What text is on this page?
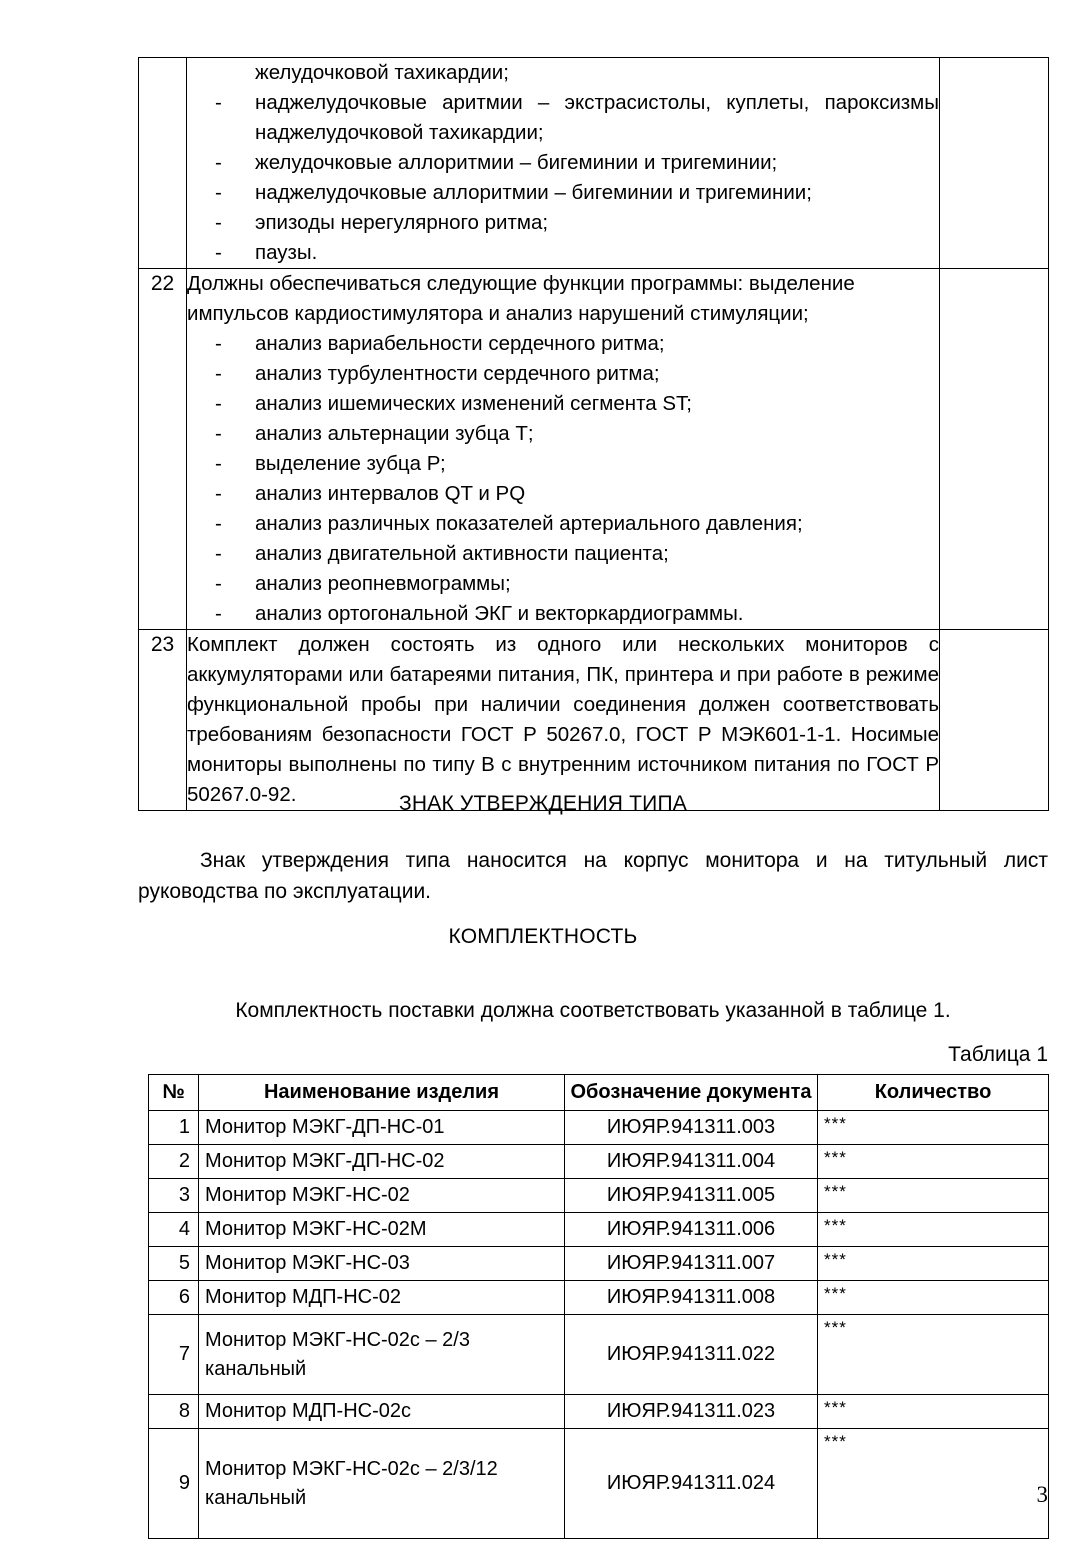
желудочковой тахикардии;
- наджелудочковые аритмии – экстрасистолы, куплеты, пароксизмы наджелудочковой тахикардии;
- желудочковые аллоритмии – бигеминии и тригеминии;
- наджелудочковые аллоритмии – бигеминии и тригеминии;
- эпизоды нерегулярного ритма;
- паузы.

22	Должны обеспечиваться следующие функции программы: выделение импульсов кардиостимулятора и анализ нарушений стимуляции;

- анализ вариабельности сердечного ритма;
- анализ турбулентности сердечного ритма;
- анализ ишемических изменений сегмента ST;
- анализ альтернации зубца Т;
- выделение зубца Р;
- анализ интервалов QT и PQ
- анализ различных показателей артериального давления;
- анализ двигательной активности пациента;
- анализ реопневмограммы;
- анализ ортогональной ЭКГ и векторкардиограммы.

23	Комплект должен состоять из одного или нескольких мониторов с аккумуляторами или батареями питания, ПК, принтера и при работе в режиме функциональной пробы при наличии соединения должен соответствовать требованиям безопасности ГОСТ Р 50267.0, ГОСТ Р МЭК601-1-1. Носимые мониторы выполнены по типу В с внутренним источником питания по ГОСТ Р 50267.0-92.	

		ЗНАК УТВЕРЖДЕНИЯ ТИПА
Знак утверждения типа наносится на корпус монитора и на титульный лист руководства по эксплуатации.
КОМПЛЕКТНОСТЬ
Комплектность поставки должна соответствовать указанной в таблице 1.
Таблица 1
№	Наименование изделия	Обозначение документа	Количество
1	Монитор МЭКГ-ДП-НС-01	ИЮЯР.941311.003	***
2	Монитор МЭКГ-ДП-НС-02	ИЮЯР.941311.004	***
3	Монитор МЭКГ-НС-02	ИЮЯР.941311.005	***
4	Монитор МЭКГ-НС-02М	ИЮЯР.941311.006	***
5	Монитор МЭКГ-НС-03	ИЮЯР.941311.007	***
6	Монитор МДП-НС-02	ИЮЯР.941311.008	***
7	Монитор МЭКГ-НС-02с – 2/3 канальный	ИЮЯР.941311.022	***
8	Монитор МДП-НС-02с	ИЮЯР.941311.023	***
9	Монитор МЭКГ-НС-02с – 2/3/12 канальный	ИЮЯР.941311.024	***
3
